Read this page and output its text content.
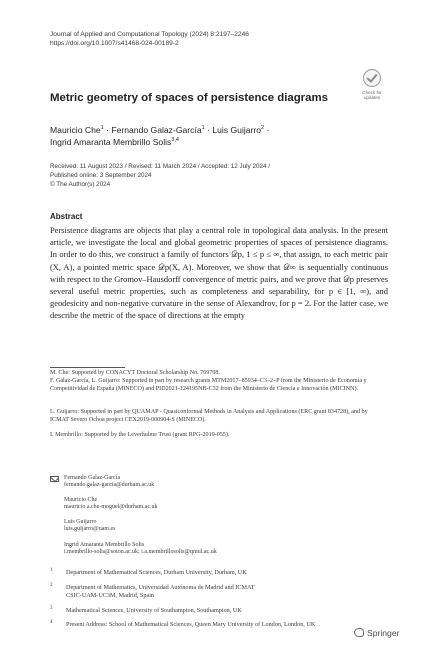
Journal of Applied and Computational Topology (2024) 8:2197–2246
https://doi.org/10.1007/s41468-024-00189-2
Check for
updates
Metric geometry of spaces of persistence diagrams
Mauricio Che$^1$ · Fernando Galaz-García$^1$ · Luis Guijarro$^2$ ·
Ingrid Amaranta Membrillo Solis$^{3,4}$
Received: 11 August 2023 / Revised: 11 March 2024 / Accepted: 12 July 2024 /
Published online: 3 September 2024
© The Author(s) 2024
Abstract
Persistence diagrams are objects that play a central role in topological data analysis. In the present article, we investigate the local and global geometric properties of spaces of persistence diagrams. In order to do this, we construct a family of functors 𝒟p, 1 ≤ p ≤ ∞, that assign, to each metric pair (X, A), a pointed metric space 𝒟p(X, A). Moreover, we show that 𝒟∞ is sequentially continuous with respect to the Gromov–Hausdorff convergence of metric pairs, and we prove that 𝒟p preserves several useful metric properties, such as completeness and separability, for p ∈ [1, ∞), and geodesicity and non-negative curvature in the sense of Alexandrov, for p = 2. For the latter case, we describe the metric of the space of directions at the empty
M. Che: Supported by CONACYT Doctoral Scholarship No. 769708.
F. Galaz-García, L. Guijarro: Supported in part by research grants MTM2017–85934–C3–2–P from the Ministerio de Economía y Competitividad de España (MINECO) and PID2021-124195NB-C32 from the Ministerio de Ciencia e Innovación (MICINN).
L. Guijarro: Supported in part by QUAMAP - Quasiconformal Methods in Analysis and Applications (ERC grant 834728), and by ICMAT Severo Ochoa project CEX2019-000904-S (MINECO).
I. Membrillo: Supported by the Leverhulme Trust (grant RPG-2019-055).
Fernando Galaz-García
fernando.galaz-garcia@durham.ac.uk
Mauricio Che
mauricio.a.che-moguel@durham.ac.uk
Luis Guijarro
luis.guijarro@uam.es
Ingrid Amaranta Membrillo Solis
i.membrillo-solis@soton.ac.uk; i.a.membrillosolis@qmul.ac.uk
1 Department of Mathematical Sciences, Durham University, Durham, UK
2 Department of Mathematics, Universidad Autónoma de Madrid and ICMAT
CSIC-UAM-UC3M, Madrid, Spain
3 Mathematical Sciences, University of Southampton, Southampton, UK
4 Present Address: School of Mathematical Sciences, Queen Mary University of London, London, UK
Springer
